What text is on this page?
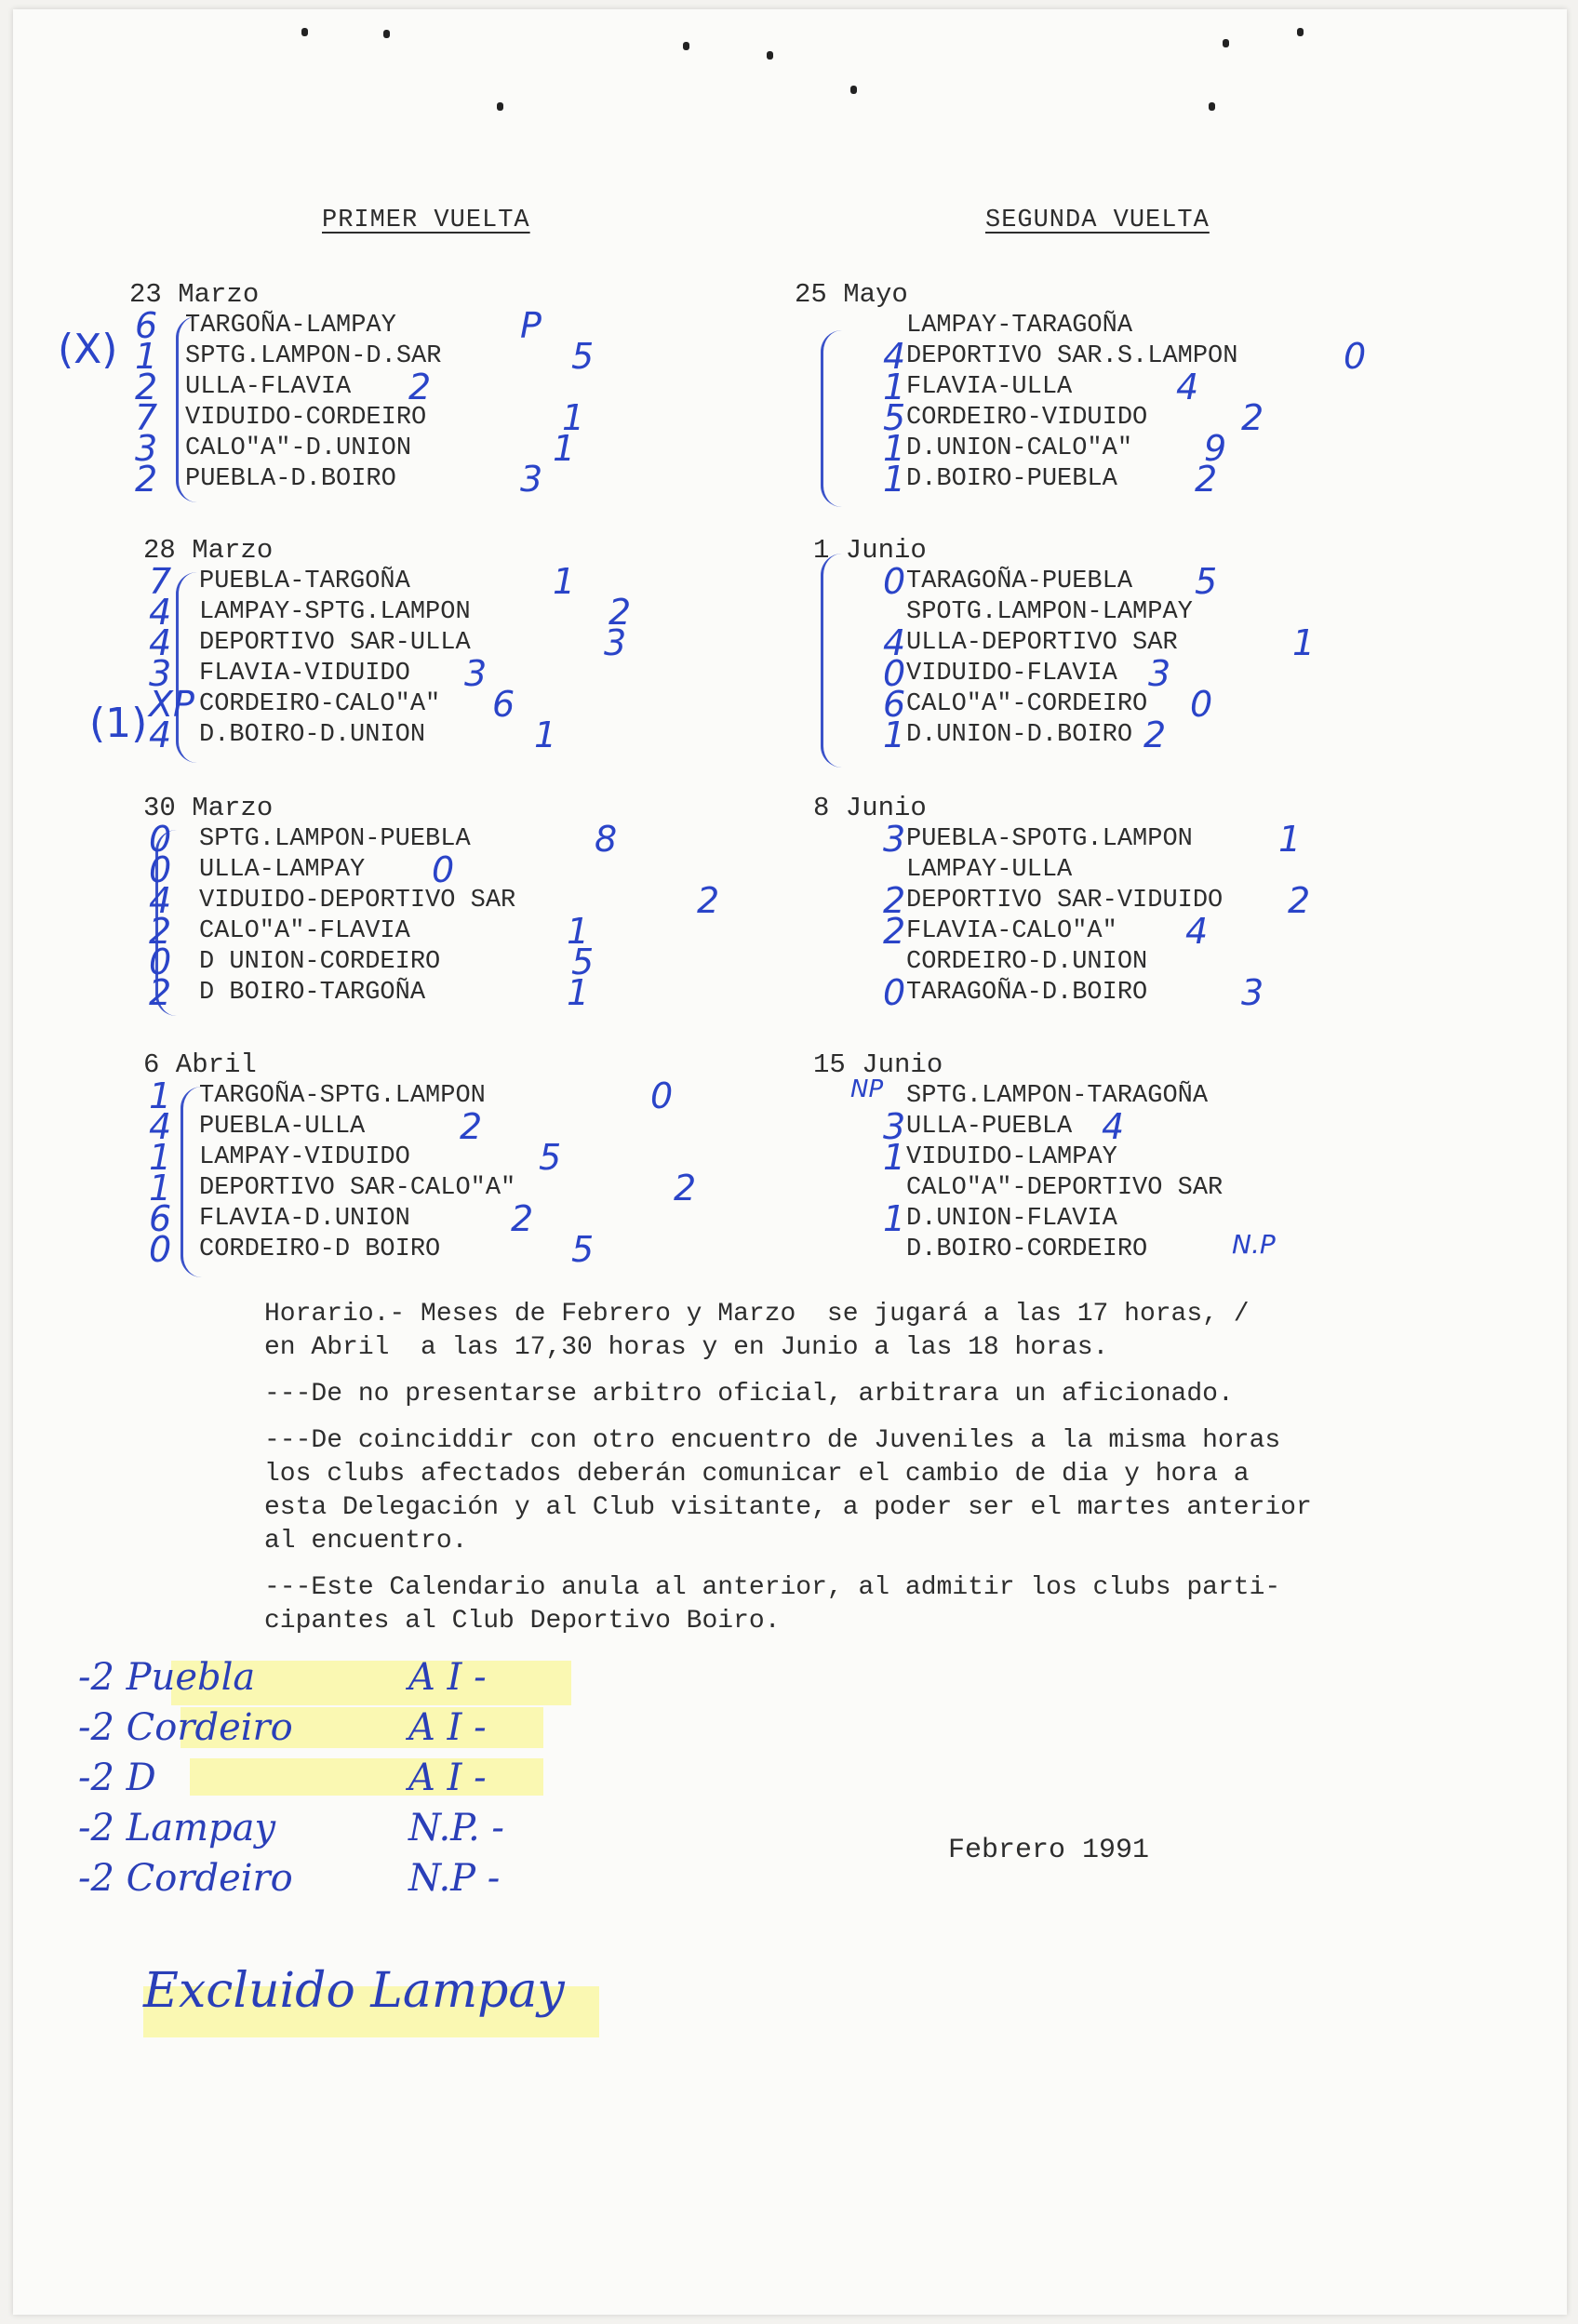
PRIMER VUELTA	SEGUNDA VUELTA
(X)
(1)
23 Marzo
6 TARGOÑA-LAMPAY	P
1 SPTG.LAMPON-D.SAR	5
2 ULLA-FLAVIA 2
7 VIDUIDO-CORDEIRO	1
3 CALO"A"-D.UNION	1
2 PUEBLA-D.BOIRO	3
28 Marzo
7 PUEBLA-TARGOÑA	1
4 LAMPAY-SPTG.LAMPON	2
4 DEPORTIVO SAR-ULLA	3
3 FLAVIA-VIDUIDO 3
XP CORDEIRO-CALO"A" 6
4 D.BOIRO-D.UNION	1
30 Marzo
0 SPTG.LAMPON-PUEBLA	8
0 ULLA-LAMPAY 0
4 VIDUIDO-DEPORTIVO SAR	2
2 CALO"A"-FLAVIA	1
0 D UNION-CORDEIRO	5
2 D BOIRO-TARGOÑA	1
6 Abril
1 TARGOÑA-SPTG.LAMPON	0
4 PUEBLA-ULLA	2
1 LAMPAY-VIDUIDO	5
1 DEPORTIVO SAR-CALO"A"	2
6 FLAVIA-D.UNION	2
0 CORDEIRO-D BOIRO	5
25 Mayo
LAMPAY-TARAGOÑA
4 DEPORTIVO SAR.S.LAMPON	0
1 FLAVIA-ULLA	4
5 CORDEIRO-VIDUIDO	2
1 D.UNION-CALO"A" 9
1 D.BOIRO-PUEBLA 2
1 Junio
0 TARAGOÑA-PUEBLA 5
SPOTG.LAMPON-LAMPAY
4 ULLA-DEPORTIVO SAR	1
0 VIDUIDO-FLAVIA 3
6 CALO"A"-CORDEIRO 0
1 D.UNION-D.BOIRO 2
8 Junio
3 PUEBLA-SPOTG.LAMPON 1
LAMPAY-ULLA
2 DEPORTIVO SAR-VIDUIDO 2
2 FLAVIA-CALO"A" 4
CORDEIRO-D.UNION
0 TARAGOÑA-D.BOIRO	3
15 Junio
NP SPTG.LAMPON-TARAGOÑA
3 ULLA-PUEBLA 4
1 VIDUIDO-LAMPAY
CALO"A"-DEPORTIVO SAR
1 D.UNION-FLAVIA
D.BOIRO-CORDEIRO	N.P

Horario.- Meses de Febrero y Marzo  se jugará a las 17 horas, /
en Abril  a las 17,30 horas y en Junio a las 18 horas.

---De no presentarse arbitro oficial, arbitrara un aficionado.

---De coinciddir con otro encuentro de Juveniles a la misma horas
los clubs afectados deberán comunicar el cambio de dia y hora a
esta Delegación y al Club visitante, a poder ser el martes anterior
al encuentro.

---Este Calendario anula al anterior, al admitir los clubs parti-
cipantes al Club Deportivo Boiro.

-2 Puebla	A I -
-2 Cordeiro	A I -
-2 D	A I -
-2 Lampay	N.P. -
-2 Cordeiro	N.P -
Febrero 1991
Excluido Lampay
